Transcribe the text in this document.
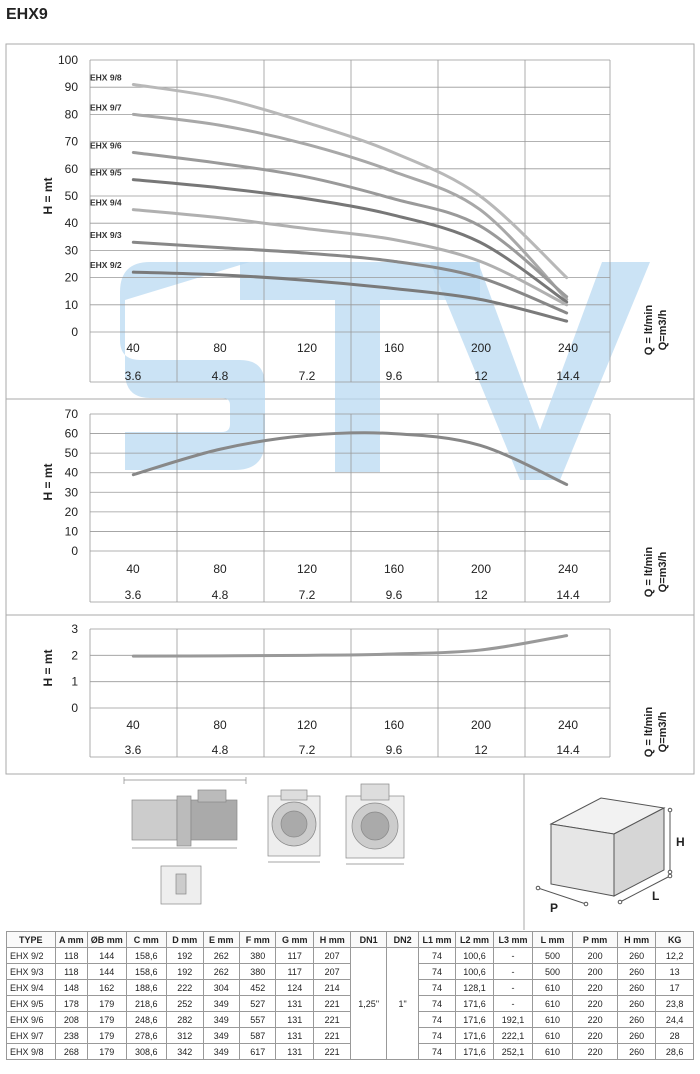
EHX9
0
10
20
30
40
50
60
70
80
90
100
40	80	120	160	200	240
3.6	4.8	7.2	9.6	12	14.4
H = mt
Q = lt/min Q=m3/h
EHX 9/8
EHX 9/7
EHX 9/6
EHX 9/5
EHX 9/4
EHX 9/3
EHX 9/2
0
10
20
30
40
50
60
70
40	80	120	160	200	240
3.6	4.8	7.2	9.6	12	14.4
H = mt
Q = lt/min Q=m3/h
0
1
2
3
40	80	120	160	200	240
3.6	4.8	7.2	9.6	12	14.4
H = mt
Q = lt/min Q=m3/h
H
L
P
TYPE	A mm	ØB mm	C mm	D mm	E mm	F mm	G mm	H mm	DN1	DN2	L1 mm	L2 mm	L3 mm	L mm	P mm	H mm	KG
EHX 9/2	118	144	158,6	192	262	380	117	207	1,25"	1"	74	100,6	-	500	200	260	12,2
EHX 9/3	118	144	158,6	192	262	380	117	207			74	100,6	-	500	200	260	13
EHX 9/4	148	162	188,6	222	304	452	124	214			74	128,1	-	610	220	260	17
EHX 9/5	178	179	218,6	252	349	527	131	221			74	171,6	-	610	220	260	23,8
EHX 9/6	208	179	248,6	282	349	557	131	221			74	171,6	192,1	610	220	260	24,4
EHX 9/7	238	179	278,6	312	349	587	131	221			74	171,6	222,1	610	220	260	28
EHX 9/8	268	179	308,6	342	349	617	131	221			74	171,6	252,1	610	220	260	28,6
